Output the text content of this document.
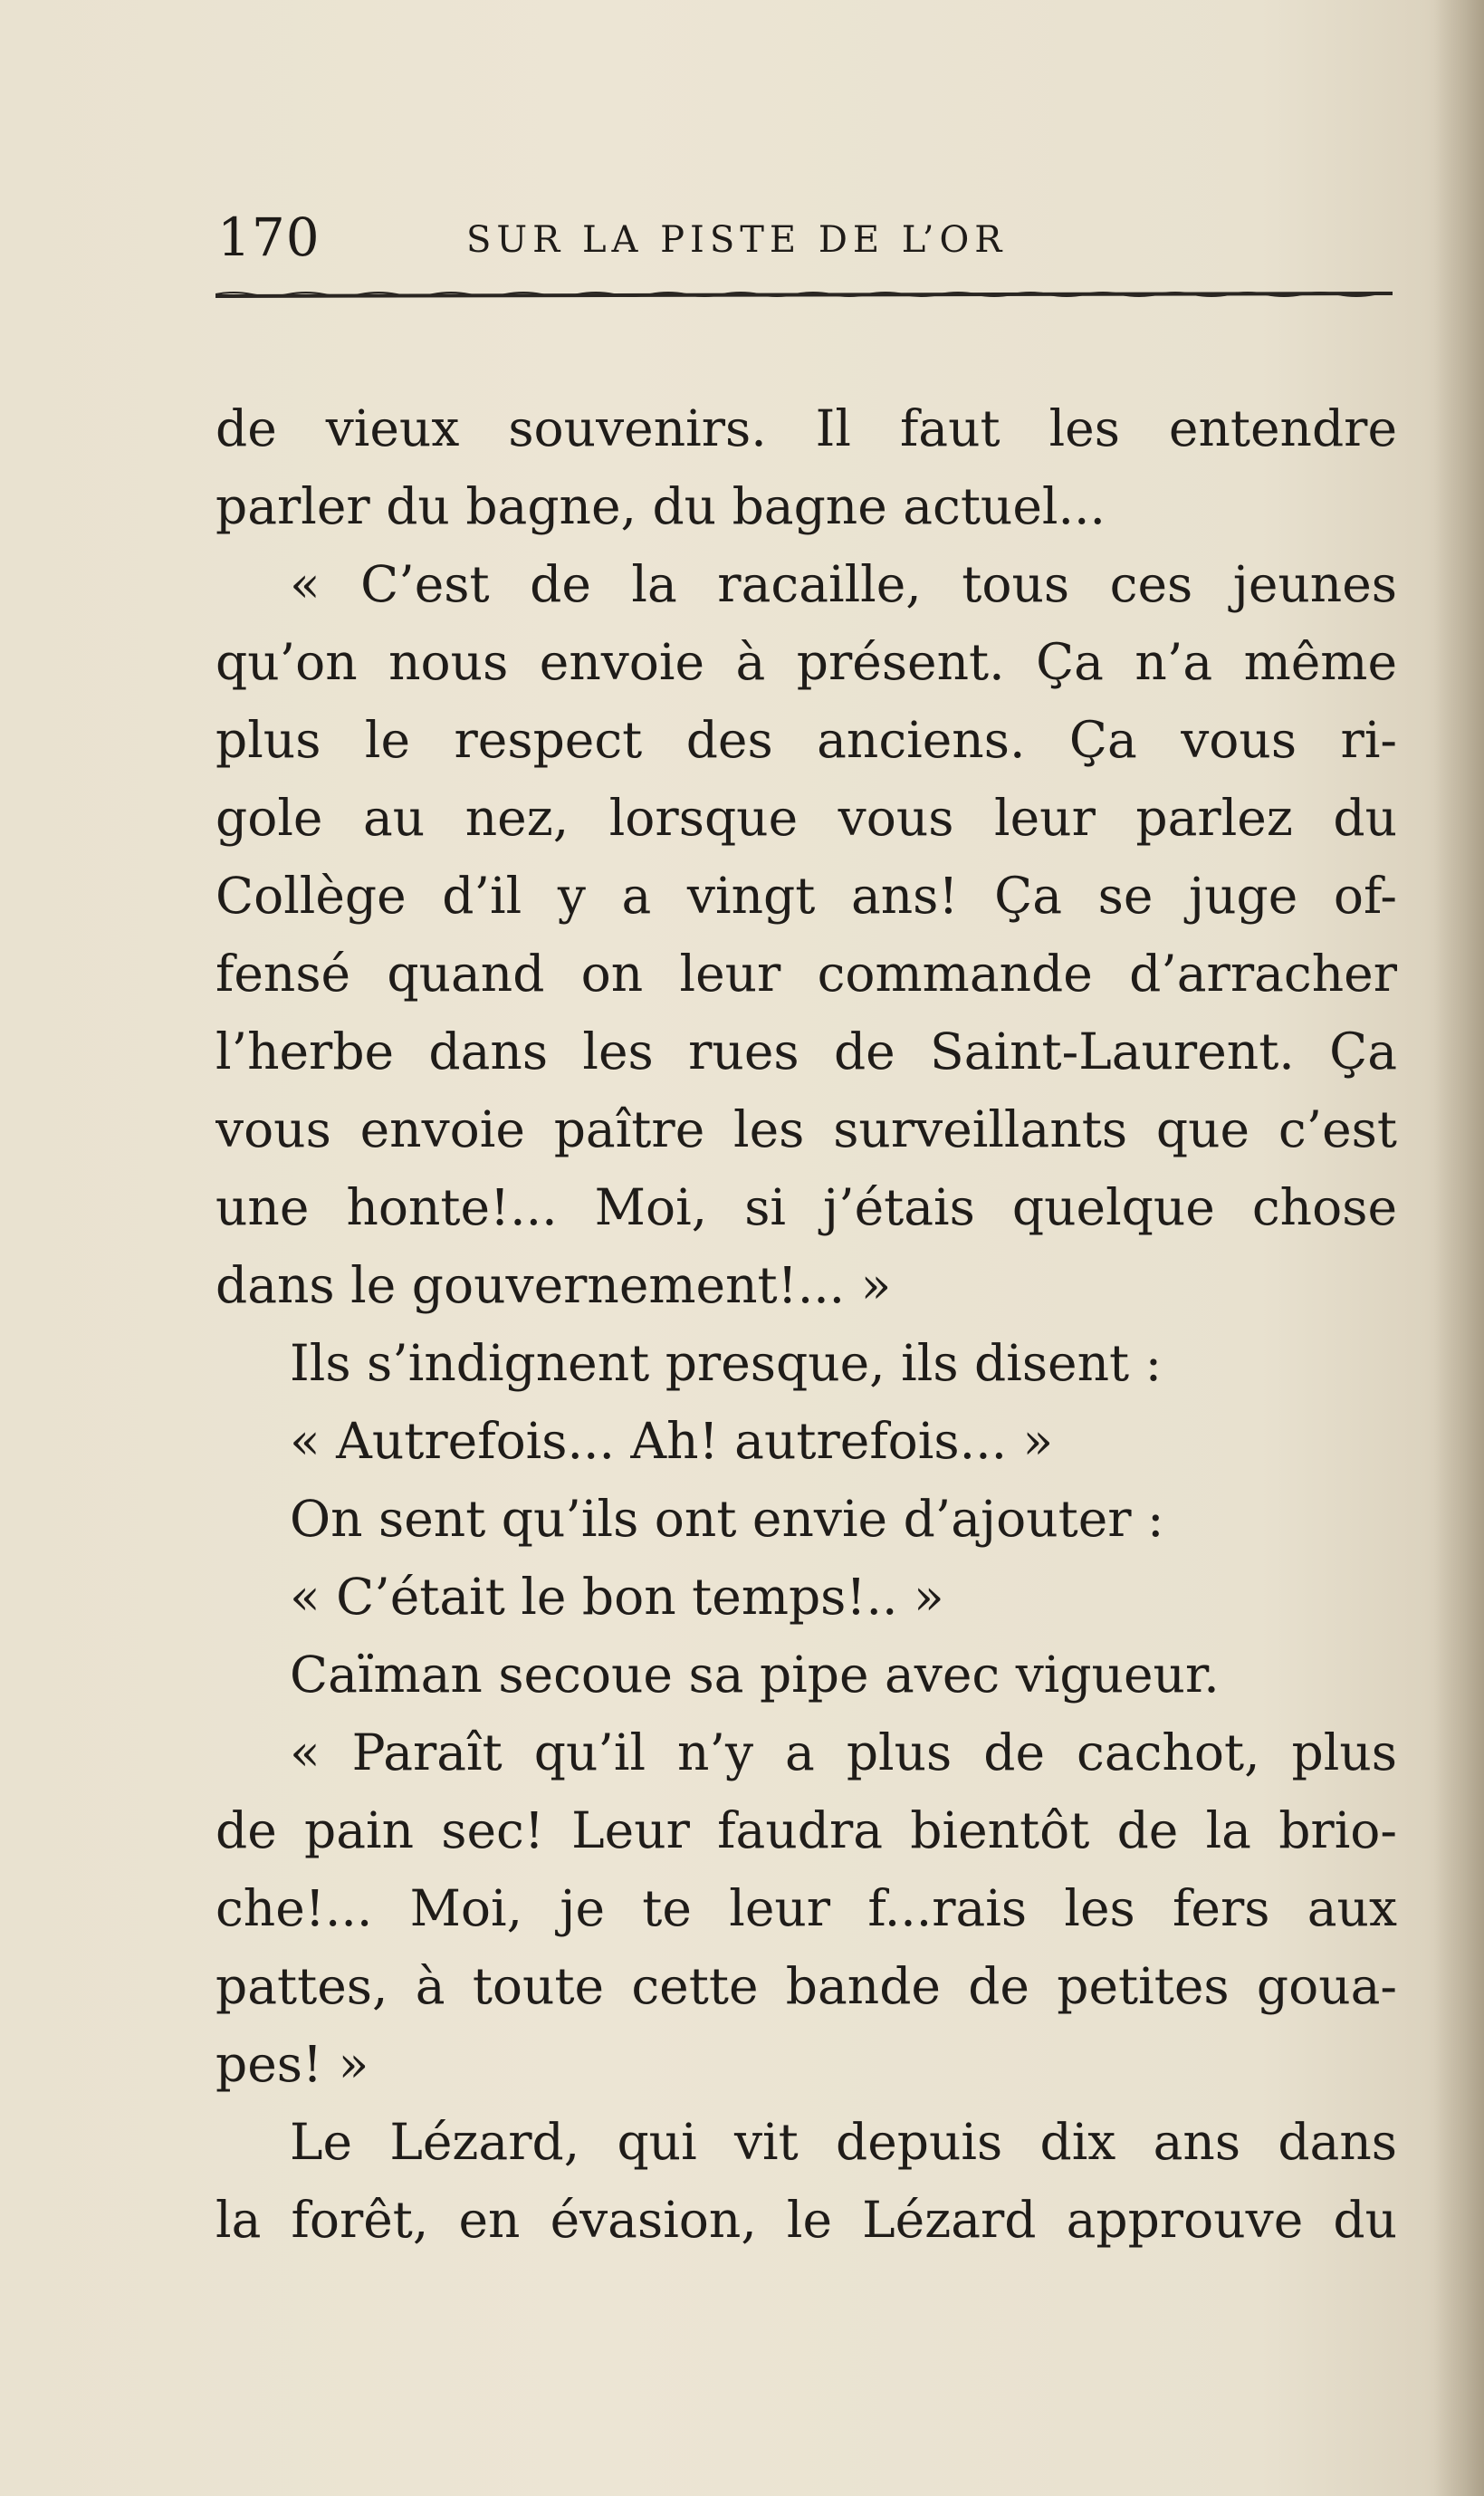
170	SUR LA PISTE DE L’OR
de vieux souvenirs. Il faut les entendre
parler du bagne, du bagne actuel...
« C’est de la racaille, tous ces jeunes
qu’on nous envoie à présent. Ça n’a même
plus le respect des anciens. Ça vous ri-
gole au nez, lorsque vous leur parlez du
Collège d’il y a vingt ans! Ça se juge of-
fensé quand on leur commande d’arracher
l’herbe dans les rues de Saint-Laurent. Ça
vous envoie paître les surveillants que c’est
une honte!... Moi, si j’étais quelque chose
dans le gouvernement!... »
Ils s’indignent presque, ils disent :
« Autrefois... Ah! autrefois... »
On sent qu’ils ont envie d’ajouter :
« C’était le bon temps!.. »
Caïman secoue sa pipe avec vigueur.
« Paraît qu’il n’y a plus de cachot, plus
de pain sec! Leur faudra bientôt de la brio-
che!... Moi, je te leur f...rais les fers aux
pattes, à toute cette bande de petites goua-
pes! »
Le Lézard, qui vit depuis dix ans dans
la forêt, en évasion, le Lézard approuve du
